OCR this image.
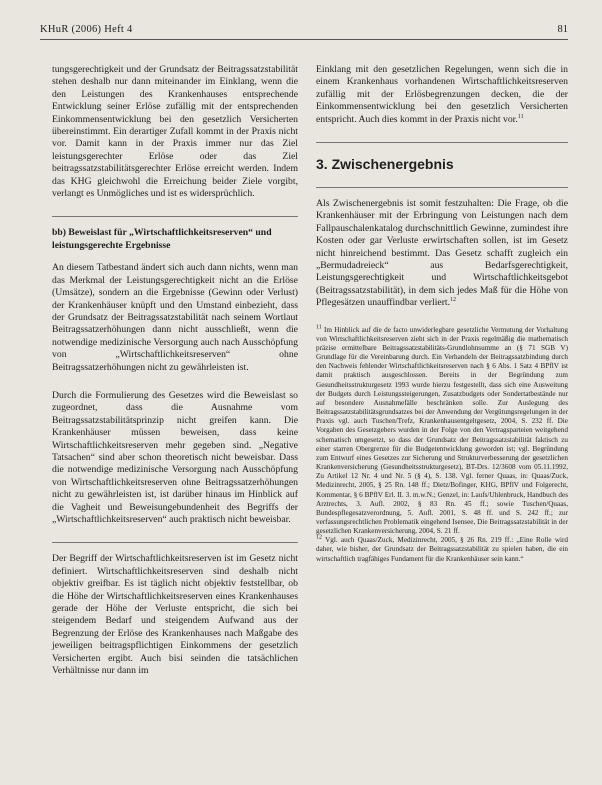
KHuR (2006) Heft 4	81

tungsgerechtigkeit und der Grundsatz der Beitragssatzstabilität stehen deshalb nur dann miteinander im Einklang, wenn die den Leistungen des Krankenhauses entsprechende Entwicklung seiner Erlöse zufällig mit der entsprechenden Einkommensentwicklung bei den gesetzlich Versicherten übereinstimmt. Ein derartiger Zufall kommt in der Praxis nicht vor. Damit kann in der Praxis immer nur das Ziel leistungsgerechter Erlöse oder das Ziel beitragssatzstabilitätsgerechter Erlöse erreicht werden. Indem das KHG gleichwohl die Erreichung beider Ziele vorgibt, verlangt es Unmögliches und ist es widersprüchlich.

bb) Beweislast für „Wirtschaftlichkeitsreserven“ und leistungsgerechte Ergebnisse

An diesem Tatbestand ändert sich auch dann nichts, wenn man das Merkmal der Leistungsgerechtigkeit nicht an die Erlöse (Umsätze), sondern an die Ergebnisse (Gewinn oder Verlust) der Krankenhäuser knüpft und den Umstand einbezieht, dass der Grundsatz der Beitragssatzstabilität nach seinem Wortlaut Beitragssatzerhöhungen dann nicht ausschließt, wenn die notwendige medizinische Versorgung auch nach Ausschöpfung von „Wirtschaftlichkeitsreserven“ ohne Beitragssatzerhöhungen nicht zu gewährleisten ist.

Durch die Formulierung des Gesetzes wird die Beweislast so zugeordnet, dass die Ausnahme vom Beitragssatzstabilitätsprinzip nicht greifen kann. Die Krankenhäuser müssen beweisen, dass keine Wirtschaftlichkeitsreserven mehr gegeben sind. „Negative Tatsachen“ sind aber schon theoretisch nicht beweisbar. Dass die notwendige medizinische Versorgung nach Ausschöpfung von Wirtschaftlichkeitsreserven ohne Beitragssatzerhöhungen nicht zu gewährleisten ist, ist darüber hinaus im Hinblick auf die Vagheit und Beweisungebundenheit des Begriffs der „Wirtschaftlichkeitsreserven“ auch praktisch nicht beweisbar.

Der Begriff der Wirtschaftlichkeitsreserven ist im Gesetz nicht definiert. Wirtschaftlichkeitsreserven sind deshalb nicht objektiv greifbar. Es ist täglich nicht objektiv feststellbar, ob die Höhe der Wirtschaftlichkeitsreserven eines Krankenhauses gerade der Höhe der Verluste entspricht, die sich bei steigendem Bedarf und steigendem Aufwand aus der Begrenzung der Erlöse des Krankenhauses nach Maßgabe des jeweiligen beitragspflichtigen Einkommens der gesetzlich Versicherten ergibt. Auch bisi seinden die tatsächlichen Verhältnisse nur dann im

Einklang mit den gesetzlichen Regelungen, wenn sich die in einem Krankenhaus vorhandenen Wirtschaftlichkeitsreserven zufällig mit der Erlösbegrenzungen decken, die der Einkommensentwicklung bei den gesetzlich Versicherten entspricht. Auch dies kommt in der Praxis nicht vor.$^{11}$

3. Zwischenergebnis

Als Zwischenergebnis ist somit festzuhalten: Die Frage, ob die Krankenhäuser mit der Erbringung von Leistungen nach dem Fallpauschalenkatalog durchschnittlich Gewinne, zumindest ihre Kosten oder gar Verluste erwirtschaften sollen, ist im Gesetz nicht hinreichend bestimmt. Das Gesetz schafft zugleich ein „Bermudadreieck“ aus Bedarfsgerechtigkeit, Leistungsgerechtigkeit und Wirtschaftlichkeitsgebot (Beitragssatzstabilität), in dem sich jedes Maß für die Höhe von Pflegesätzen unauffindbar verliert.$^{12}$

$^{11}$ Im Hinblick auf die de facto unwiderlegbare gesetzliche Vermutung der Vorhaltung von Wirtschaftlichkeitsreserven zieht sich in der Praxis regelmäßig die mathematisch präzise ermittelbare Beitragssatzstabilitäts-Grundlohnsumme an (§ 71 SGB V) Grundlage für die Vereinbarung durch. Ein Verhandeln der Beitragssatzbindung durch den Nachweis fehlender Wirtschaftlichkeitsreserven nach § 6 Abs. 1 Satz 4 BPflV ist damit praktisch ausgeschlossen. Bereits in der Begründung zum Gesundheitsstrukturgesetz 1993 wurde hierzu festgestellt, dass sich eine Ausweitung der Budgets durch Leistungssteigerungen, Zusatzbudgets oder Sondertatbestände nur auf besondere Ausnahmefälle beschränken solle. Zur Auslegung des Beitragssatzstabilitätsgrundsatzes bei der Anwendung der Vergütungsregelungen in der Praxis vgl. auch Tuschen/Trefz, Krankenhausentgeltgesetz, 2004, S. 232 ff. Die Vorgaben des Gesetzgebers wurden in der Folge von den Vertragsparteien weitgehend schematisch umgesetzt, so dass der Grundsatz der Beitragssatzstabilität faktisch zu einer starren Obergrenze für die Budgetentwicklung geworden ist; vgl. Begründung zum Entwurf eines Gesetzes zur Sicherung und Strukturverbesserung der gesetzlichen Krankenversicherung (Gesundheitsstrukturgesetz), BT-Drs. 12/3608 vom 05.11.1992, Zu Artikel 12 Nr. 4 und Nr. 5 (§ 4), S. 138. Vgl. ferner Quaas, in: Quaas/Zuck, Medizinrecht, 2005, § 25 Rn. 148 ff.; Dietz/Bofinger, KHG, BPflV und Folgerecht, Kommentar, § 6 BPflV Erl. II. 3. m.w.N.; Genzel, in: Laufs/Uhlenbruck, Handbuch des Arztrechts, 3. Aufl. 2002, § 83 Rn. 45 ff.; sowie Tuschen/Quaas, Bundespflegesatzverordnung, 5. Aufl. 2001, S. 48 ff. und S. 242 ff.; zur verfassungsrechtlichen Problematik eingehend Isensee, Die Beitragssatzstabilität in der gesetzlichen Krankenversicherung, 2004, S. 21 ff.

$^{12}$ Vgl. auch Quaas/Zuck, Medizinrecht, 2005, § 26 Rn. 219 ff.: „Eine Rolle wird daher, wie bisher, der Grundsatz der Beitragssatzstabilität zu spielen haben, die ein wirtschaftlich tragfähiges Fundament für die Krankenhäuser sein kann.“
